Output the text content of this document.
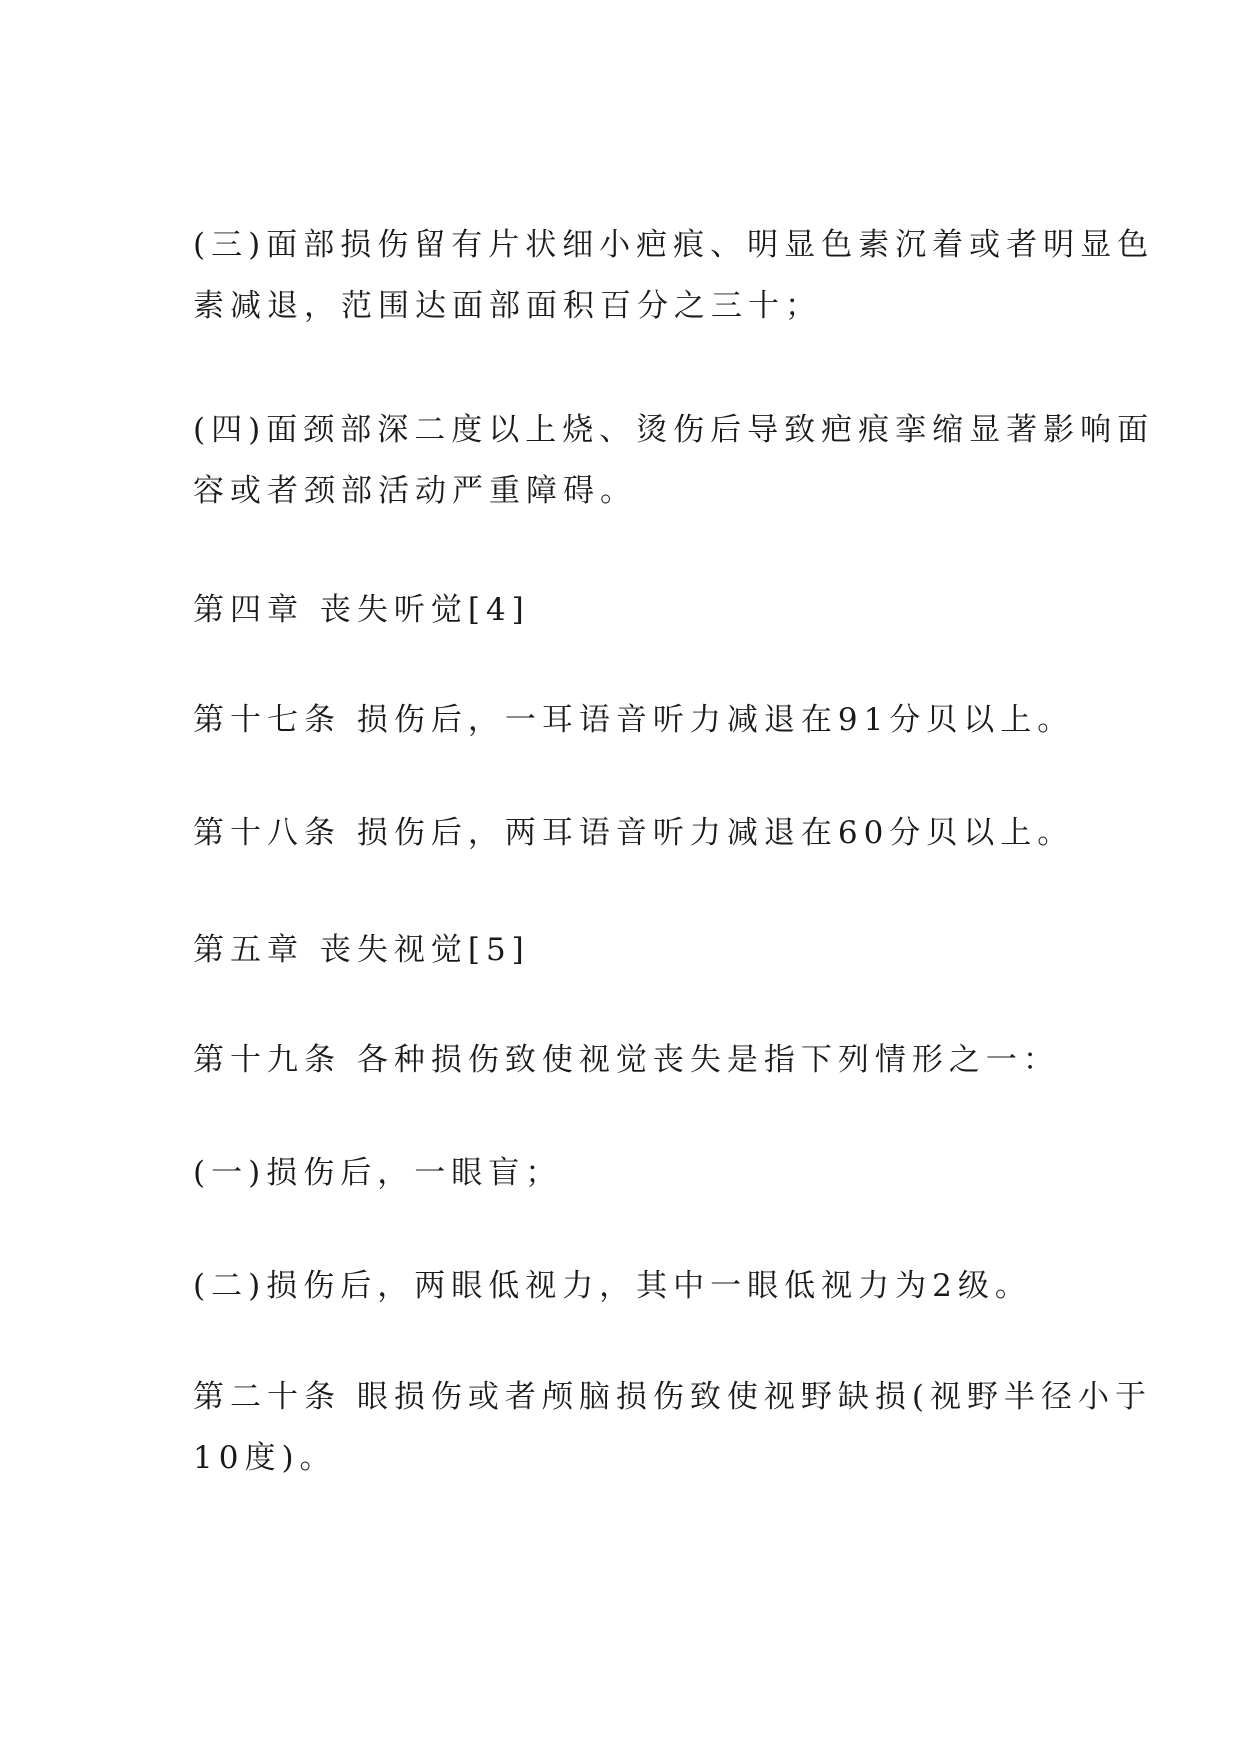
(三)面部损伤留有片状细小疤痕、明显色素沉着或者明显色
素减退，范围达面部面积百分之三十；
(四)面颈部深二度以上烧、烫伤后导致疤痕挛缩显著影响面
容或者颈部活动严重障碍。
第四章 丧失听觉[4]
第十七条 损伤后，一耳语音听力减退在91分贝以上。
第十八条 损伤后，两耳语音听力减退在60分贝以上。
第五章 丧失视觉[5]
第十九条 各种损伤致使视觉丧失是指下列情形之一：
(一)损伤后，一眼盲；
(二)损伤后，两眼低视力，其中一眼低视力为2级。
第二十条 眼损伤或者颅脑损伤致使视野缺损(视野半径小于
10度)。
